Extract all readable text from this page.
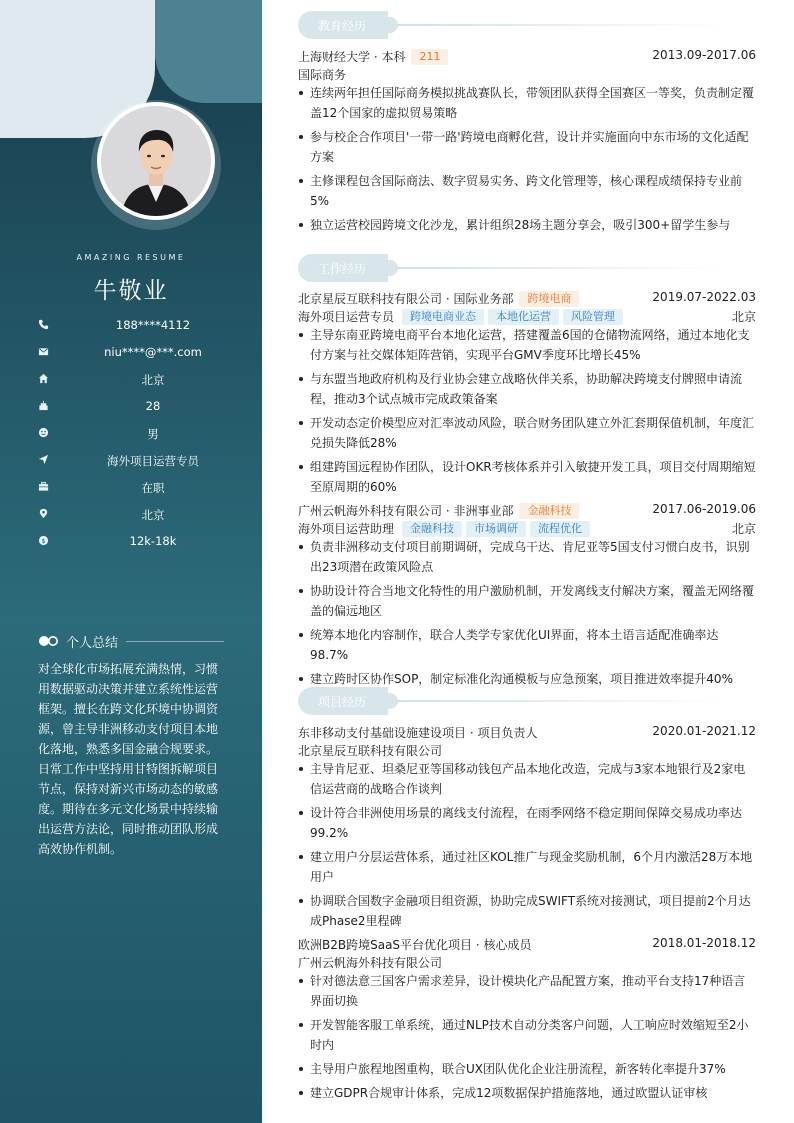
AMAZING RESUME
牛敬业
188****4112
niu****@***.com
北京
28
男
海外项目运营专员
在职
北京
$	12k-18k
个人总结
对全球化市场拓展充满热情，习惯用数据驱动决策并建立系统性运营框架。擅长在跨文化环境中协调资源，曾主导非洲移动支付项目本地化落地，熟悉多国金融合规要求。日常工作中坚持用甘特图拆解项目节点，保持对新兴市场动态的敏感度。期待在多元文化场景中持续输出运营方法论，同时推动团队形成高效协作机制。
教育经历
上海财经大学 · 本科 211	2013.09-2017.06
国际商务
连续两年担任国际商务模拟挑战赛队长，带领团队获得全国赛区一等奖，负责制定覆盖12个国家的虚拟贸易策略
参与校企合作项目'一带一路'跨境电商孵化营，设计并实施面向中东市场的文化适配方案
主修课程包含国际商法、数字贸易实务、跨文化管理等，核心课程成绩保持专业前5%
独立运营校园跨境文化沙龙，累计组织28场主题分享会，吸引300+留学生参与
工作经历
北京星辰互联科技有限公司 · 国际业务部 跨境电商	2019.07-2022.03
海外项目运营专员 跨境电商业态 本地化运营 风险管理	北京
主导东南亚跨境电商平台本地化运营，搭建覆盖6国的仓储物流网络，通过本地化支付方案与社交媒体矩阵营销，实现平台GMV季度环比增长45%
与东盟当地政府机构及行业协会建立战略伙伴关系，协助解决跨境支付牌照申请流程，推动3个试点城市完成政策备案
开发动态定价模型应对汇率波动风险，联合财务团队建立外汇套期保值机制，年度汇兑损失降低28%
组建跨国远程协作团队，设计OKR考核体系并引入敏捷开发工具，项目交付周期缩短至原周期的60%
广州云帆海外科技有限公司 · 非洲事业部 金融科技	2017.06-2019.06
海外项目运营助理 金融科技 市场调研 流程优化	北京
负责非洲移动支付项目前期调研，完成乌干达、肯尼亚等5国支付习惯白皮书，识别出23项潜在政策风险点
协助设计符合当地文化特性的用户激励机制，开发离线支付解决方案，覆盖无网络覆盖的偏远地区
统筹本地化内容制作，联合人类学专家优化UI界面，将本土语言适配准确率达98.7%
建立跨时区协作SOP，制定标准化沟通模板与应急预案，项目推进效率提升40%
项目经历
东非移动支付基础设施建设项目 · 项目负责人	2020.01-2021.12
北京星辰互联科技有限公司
主导肯尼亚、坦桑尼亚等国移动钱包产品本地化改造，完成与3家本地银行及2家电信运营商的战略合作谈判
设计符合非洲使用场景的离线支付流程，在雨季网络不稳定期间保障交易成功率达99.2%
建立用户分层运营体系，通过社区KOL推广与现金奖励机制，6个月内激活28万本地用户
协调联合国数字金融项目组资源，协助完成SWIFT系统对接测试，项目提前2个月达成Phase2里程碑
欧洲B2B跨境SaaS平台优化项目 · 核心成员	2018.01-2018.12
广州云帆海外科技有限公司
针对德法意三国客户需求差异，设计模块化产品配置方案，推动平台支持17种语言界面切换
开发智能客服工单系统，通过NLP技术自动分类客户问题，人工响应时效缩短至2小时内
主导用户旅程地图重构，联合UX团队优化企业注册流程，新客转化率提升37%
建立GDPR合规审计体系，完成12项数据保护措施落地，通过欧盟认证审核
